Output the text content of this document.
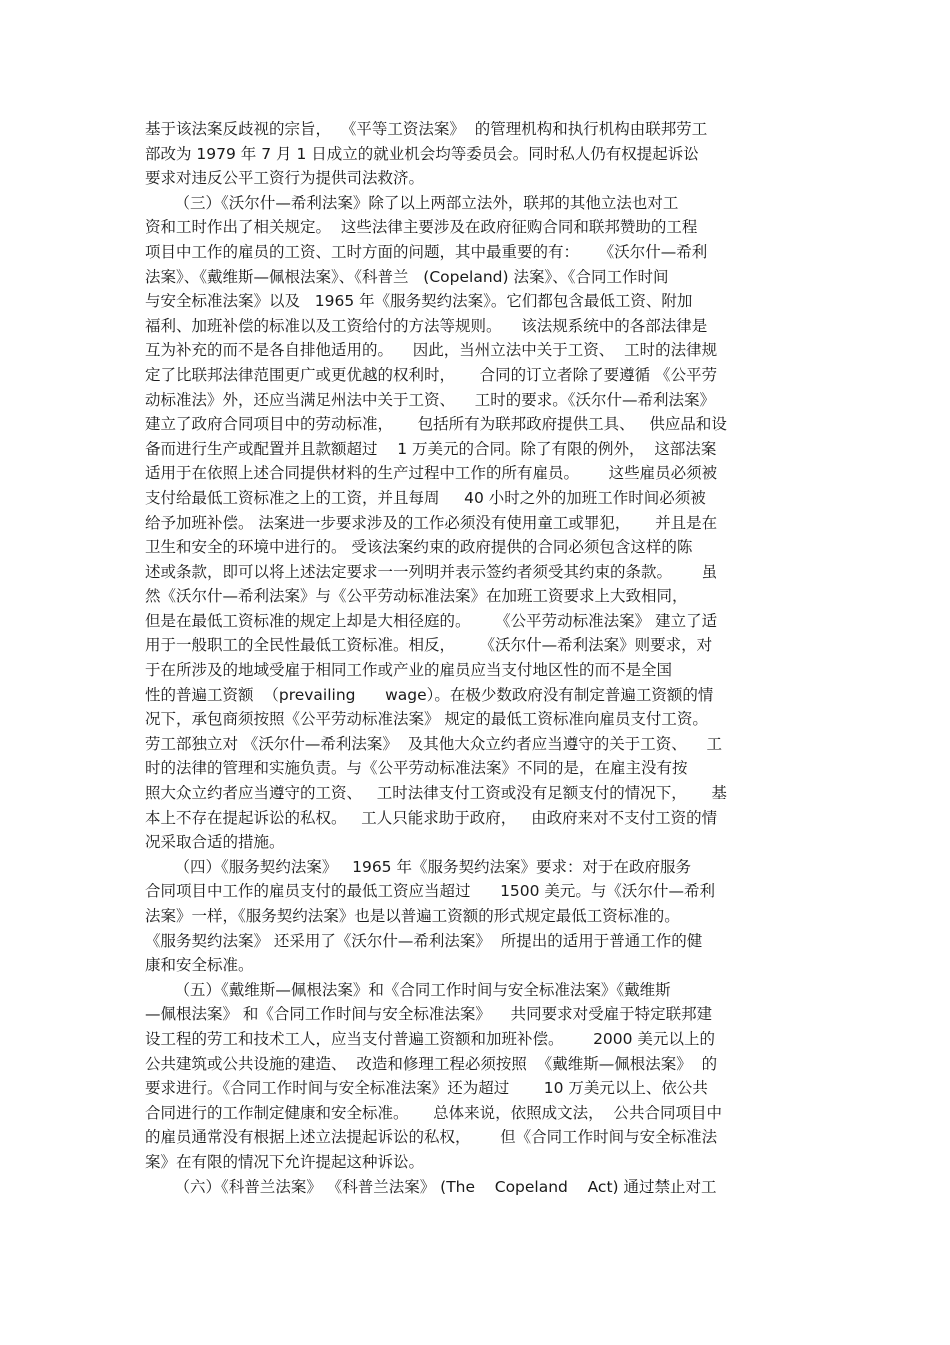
基于该法案反歧视的宗旨，  《平等工资法案》  的管理机构和执行机构由联邦劳工
部改为 1979 年 7 月 1 日成立的就业机会均等委员会。同时私人仍有权提起诉讼
要求对违反公平工资行为提供司法救济。
（三）《沃尔什—希利法案》除了以上两部立法外，联邦的其他立法也对工
资和工时作出了相关规定。  这些法律主要涉及在政府征购合同和联邦赞助的工程
项目中工作的雇员的工资、工时方面的问题，其中最重要的有：    《沃尔什—希利
法案》、《戴维斯—佩根法案》、《科普兰   (Copeland) 法案》、《合同工作时间
与安全标准法案》以及   1965 年《服务契约法案》。它们都包含最低工资、附加
福利、加班补偿的标准以及工资给付的方法等规则。    该法规系统中的各部法律是
互为补充的而不是各自排他适用的。    因此，当州立法中关于工资、  工时的法律规
定了比联邦法律范围更广或更优越的权利时，     合同的订立者除了要遵循 《公平劳
动标准法》外，还应当满足州法中关于工资、    工时的要求。《沃尔什—希利法案》
建立了政府合同项目中的劳动标准，     包括所有为联邦政府提供工具、   供应品和设
备而进行生产或配置并且款额超过    1 万美元的合同。除了有限的例外，  这部法案
适用于在依照上述合同提供材料的生产过程中工作的所有雇员。      这些雇员必须被
支付给最低工资标准之上的工资，并且每周     40 小时之外的加班工作时间必须被
给予加班补偿。 法案进一步要求涉及的工作必须没有使用童工或罪犯，     并且是在
卫生和安全的环境中进行的。 受该法案约束的政府提供的合同必须包含这样的陈
述或条款，即可以将上述法定要求一一列明并表示签约者须受其约束的条款。      虽
然《沃尔什—希利法案》与《公平劳动标准法案》在加班工资要求上大致相同，
但是在最低工资标准的规定上却是大相径庭的。     《公平劳动标准法案》 建立了适
用于一般职工的全民性最低工资标准。相反，     《沃尔什—希利法案》则要求，对
于在所涉及的地域受雇于相同工作或产业的雇员应当支付地区性的而不是全国
性的普遍工资额  （prevailing      wage）。在极少数政府没有制定普遍工资额的情
况下，承包商须按照《公平劳动标准法案》 规定的最低工资标准向雇员支付工资。
劳工部独立对 《沃尔什—希利法案》  及其他大众立约者应当遵守的关于工资、    工
时的法律的管理和实施负责。与《公平劳动标准法案》不同的是，在雇主没有按
照大众立约者应当遵守的工资、   工时法律支付工资或没有足额支付的情况下，     基
本上不存在提起诉讼的私权。   工人只能求助于政府，   由政府来对不支付工资的情
况采取合适的措施。
（四）《服务契约法案》   1965 年《服务契约法案》要求：对于在政府服务
合同项目中工作的雇员支付的最低工资应当超过      1500 美元。与《沃尔什—希利
法案》一样，《服务契约法案》也是以普遍工资额的形式规定最低工资标准的。
《服务契约法案》 还采用了《沃尔什—希利法案》  所提出的适用于普通工作的健
康和安全标准。
（五）《戴维斯—佩根法案》和《合同工作时间与安全标准法案》《戴维斯
—佩根法案》 和《合同工作时间与安全标准法案》    共同要求对受雇于特定联邦建
设工程的劳工和技术工人，应当支付普遍工资额和加班补偿。      2000 美元以上的
公共建筑或公共设施的建造、  改造和修理工程必须按照  《戴维斯—佩根法案》  的
要求进行。《合同工作时间与安全标准法案》还为超过       10 万美元以上、依公共
合同进行的工作制定健康和安全标准。     总体来说，依照成文法，  公共合同项目中
的雇员通常没有根据上述立法提起诉讼的私权，      但《合同工作时间与安全标准法
案》在有限的情况下允许提起这种诉讼。
（六）《科普兰法案》 《科普兰法案》 (The    Copeland    Act) 通过禁止对工
